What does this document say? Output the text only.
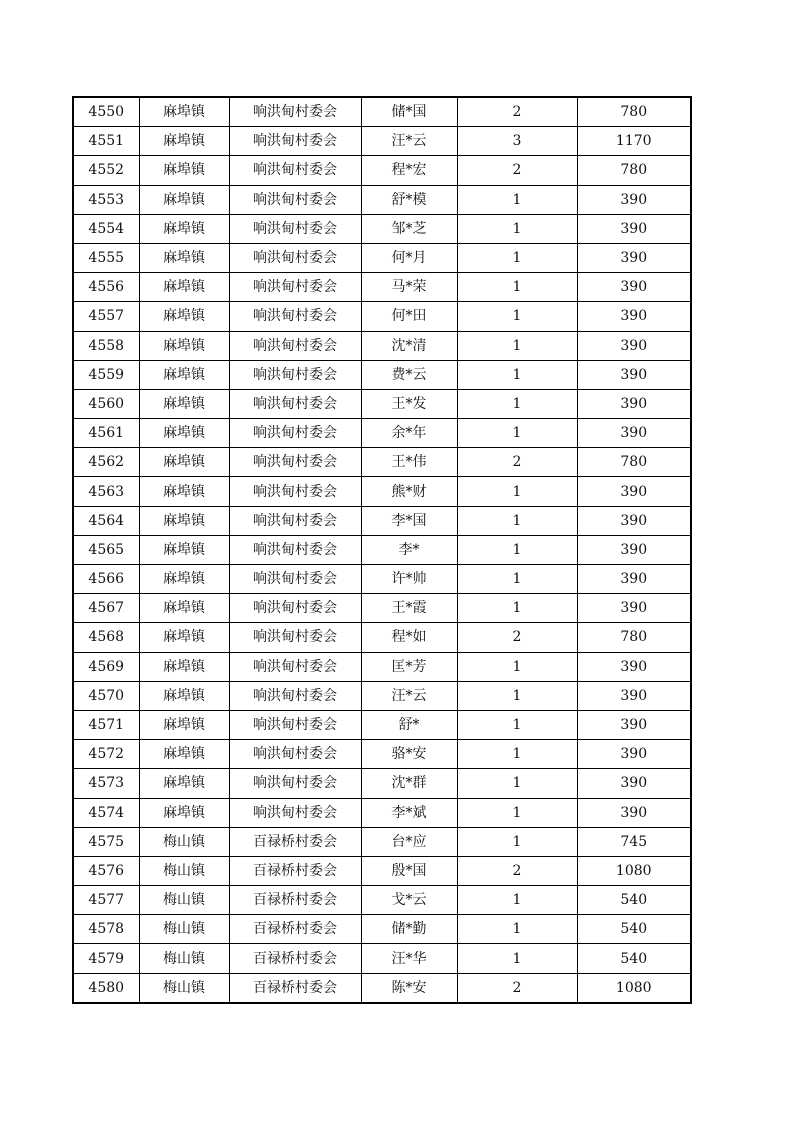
4550	麻埠镇	响洪甸村委会	储*国	2	780
4551	麻埠镇	响洪甸村委会	汪*云	3	1170
4552	麻埠镇	响洪甸村委会	程*宏	2	780
4553	麻埠镇	响洪甸村委会	舒*模	1	390
4554	麻埠镇	响洪甸村委会	邹*芝	1	390
4555	麻埠镇	响洪甸村委会	何*月	1	390
4556	麻埠镇	响洪甸村委会	马*荣	1	390
4557	麻埠镇	响洪甸村委会	何*田	1	390
4558	麻埠镇	响洪甸村委会	沈*清	1	390
4559	麻埠镇	响洪甸村委会	费*云	1	390
4560	麻埠镇	响洪甸村委会	王*发	1	390
4561	麻埠镇	响洪甸村委会	余*年	1	390
4562	麻埠镇	响洪甸村委会	王*伟	2	780
4563	麻埠镇	响洪甸村委会	熊*财	1	390
4564	麻埠镇	响洪甸村委会	李*国	1	390
4565	麻埠镇	响洪甸村委会	李*	1	390
4566	麻埠镇	响洪甸村委会	许*帅	1	390
4567	麻埠镇	响洪甸村委会	王*霞	1	390
4568	麻埠镇	响洪甸村委会	程*如	2	780
4569	麻埠镇	响洪甸村委会	匡*芳	1	390
4570	麻埠镇	响洪甸村委会	汪*云	1	390
4571	麻埠镇	响洪甸村委会	舒*	1	390
4572	麻埠镇	响洪甸村委会	骆*安	1	390
4573	麻埠镇	响洪甸村委会	沈*群	1	390
4574	麻埠镇	响洪甸村委会	李*斌	1	390
4575	梅山镇	百禄桥村委会	台*应	1	745
4576	梅山镇	百禄桥村委会	殷*国	2	1080
4577	梅山镇	百禄桥村委会	戈*云	1	540
4578	梅山镇	百禄桥村委会	储*勤	1	540
4579	梅山镇	百禄桥村委会	汪*华	1	540
4580	梅山镇	百禄桥村委会	陈*安	2	1080
